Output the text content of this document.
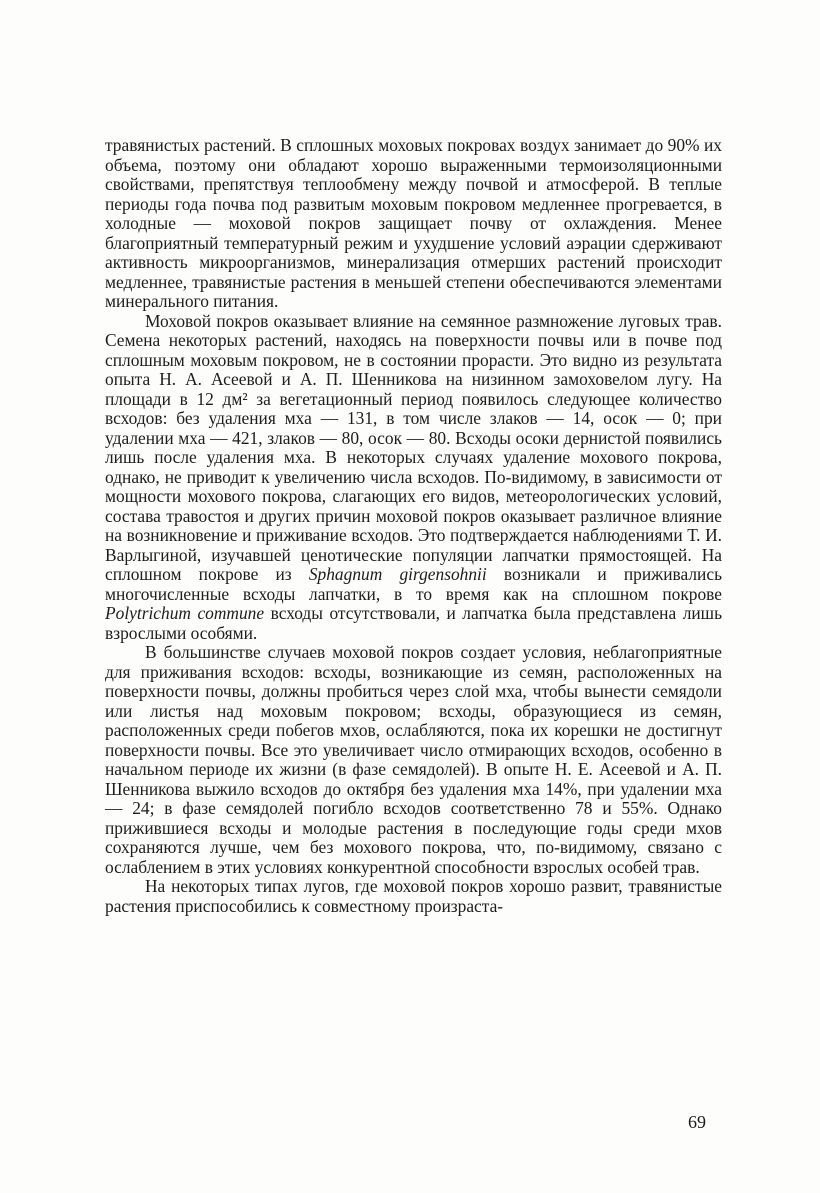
травянистых растений. В сплошных моховых покровах воздух занимает до 90% их объема, поэтому они обладают хорошо выраженными термоизоляционными свойствами, препятствуя теплообмену между почвой и атмосферой. В теплые периоды года почва под развитым моховым покровом медленнее прогревается, в холодные — моховой покров защищает почву от охлаждения. Менее благоприятный температурный режим и ухудшение условий аэрации сдерживают активность микроорганизмов, минерализация отмерших растений происходит медленнее, травянистые растения в меньшей степени обеспечиваются элементами минерального питания.

Моховой покров оказывает влияние на семянное размножение луговых трав. Семена некоторых растений, находясь на поверхности почвы или в почве под сплошным моховым покровом, не в состоянии прорасти. Это видно из результата опыта Н. А. Асеевой и А. П. Шенникова на низинном замоховелом лугу. На площади в 12 дм² за вегетационный период появилось следующее количество всходов: без удаления мха — 131, в том числе злаков — 14, осок — 0; при удалении мха — 421, злаков — 80, осок — 80. Всходы осоки дернистой появились лишь после удаления мха. В некоторых случаях удаление мохового покрова, однако, не приводит к увеличению числа всходов. По-видимому, в зависимости от мощности мохового покрова, слагающих его видов, метеорологических условий, состава травостоя и других причин моховой покров оказывает различное влияние на возникновение и приживание всходов. Это подтверждается наблюдениями Т. И. Варлыгиной, изучавшей ценотические популяции лапчатки прямостоящей. На сплошном покрове из Sphagnum girgensohnii возникали и приживались многочисленные всходы лапчатки, в то время как на сплошном покрове Polytrichum commune всходы отсутствовали, и лапчатка была представлена лишь взрослыми особями.

В большинстве случаев моховой покров создает условия, неблагоприятные для приживания всходов: всходы, возникающие из семян, расположенных на поверхности почвы, должны пробиться через слой мха, чтобы вынести семядоли или листья над моховым покровом; всходы, образующиеся из семян, расположенных среди побегов мхов, ослабляются, пока их корешки не достигнут поверхности почвы. Все это увеличивает число отмирающих всходов, особенно в начальном периоде их жизни (в фазе семядолей). В опыте Н. Е. Асеевой и А. П. Шенникова выжило всходов до октября без удаления мха 14%, при удалении мха — 24; в фазе семядолей погибло всходов соответственно 78 и 55%. Однако прижившиеся всходы и молодые растения в последующие годы среди мхов сохраняются лучше, чем без мохового покрова, что, по-видимому, связано с ослаблением в этих условиях конкурентной способности взрослых особей трав.

На некоторых типах лугов, где моховой покров хорошо развит, травянистые растения приспособились к совместному произраста-

69
